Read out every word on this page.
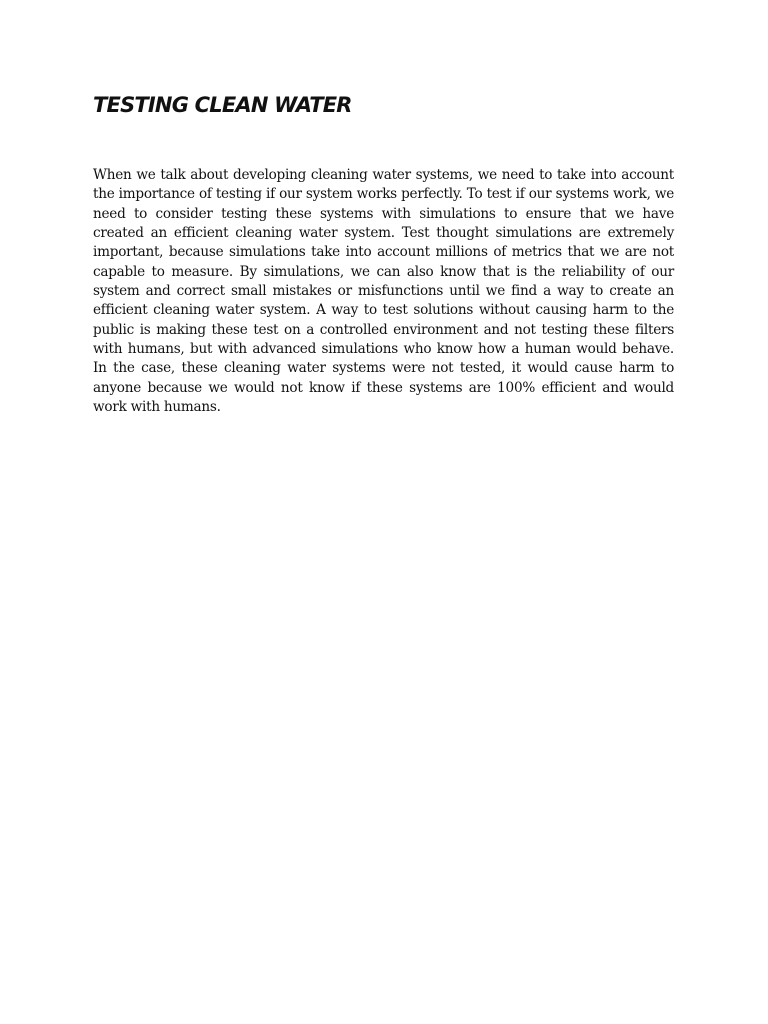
TESTING CLEAN WATER

When we talk about developing cleaning water systems, we need to take into account the importance of testing if our system works perfectly. To test if our systems work, we need to consider testing these systems with simulations to ensure that we have created an efficient cleaning water system. Test thought simulations are extremely important, because simulations take into account millions of metrics that we are not capable to measure. By simulations, we can also know that is the reliability of our system and correct small mistakes or misfunctions until we find a way to create an efficient cleaning water system. A way to test solutions without causing harm to the public is making these test on a controlled environment and not testing these filters with humans, but with advanced simulations who know how a human would behave. In the case, these cleaning water systems were not tested, it would cause harm to anyone because we would not know if these systems are 100% efficient and would work with humans.
